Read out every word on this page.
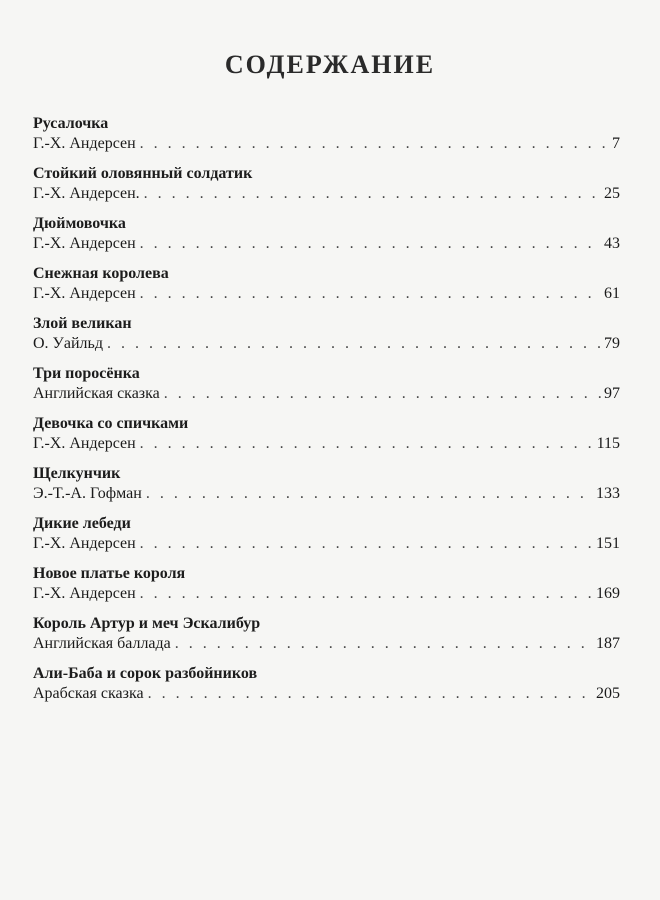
СОДЕРЖАНИЕ
Русалочка
Г.-Х. Андерсен . . .	7
Стойкий оловянный солдатик
Г.-Х. Андерсен. . . .	25
Дюймовочка
Г.-Х. Андерсен . . .	43
Снежная королева
Г.-Х. Андерсен . . .	61
Злой великан
О. Уайльд . . .	79
Три поросёнка
Английская сказка . . .	97
Девочка со спичками
Г.-Х. Андерсен . . .	115
Щелкунчик
Э.-Т.-А. Гофман . . .	133
Дикие лебеди
Г.-Х. Андерсен . . .	151
Новое платье короля
Г.-Х. Андерсен . . .	169
Король Артур и меч Эскалибур
Английская баллада . . .	187
Али-Баба и сорок разбойников
Арабская сказка . . .	205
